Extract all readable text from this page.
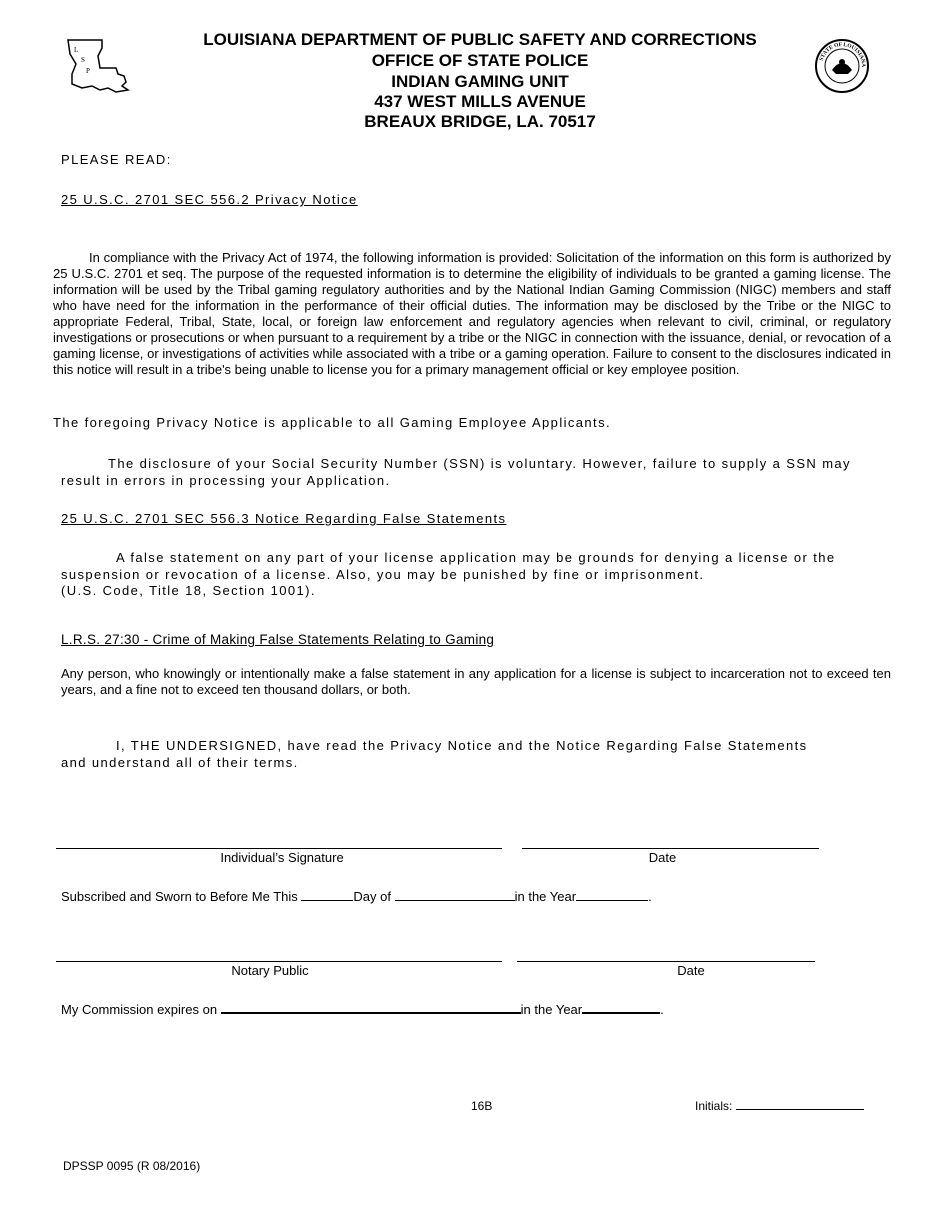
L
S
P
STATE OF LOUISIANA
LOUISIANA DEPARTMENT OF PUBLIC SAFETY AND CORRECTIONS
OFFICE OF STATE POLICE
INDIAN GAMING UNIT
437 WEST MILLS AVENUE
BREAUX BRIDGE, LA. 70517
PLEASE READ:
25 U.S.C. 2701 SEC 556.2 Privacy Notice
In compliance with the Privacy Act of 1974, the following information is provided: Solicitation of the information on this form is authorized by 25 U.S.C. 2701 et seq. The purpose of the requested information is to determine the eligibility of individuals to be granted a gaming license. The information will be used by the Tribal gaming regulatory authorities and by the National Indian Gaming Commission (NIGC) members and staff who have need for the information in the performance of their official duties. The information may be disclosed by the Tribe or the NIGC to appropriate Federal, Tribal, State, local, or foreign law enforcement and regulatory agencies when relevant to civil, criminal, or regulatory investigations or prosecutions or when pursuant to a requirement by a tribe or the NIGC in connection with the issuance, denial, or revocation of a gaming license, or investigations of activities while associated with a tribe or a gaming operation. Failure to consent to the disclosures indicated in this notice will result in a tribe's being unable to license you for a primary management official or key employee position.
The foregoing Privacy Notice is applicable to all Gaming Employee Applicants.
The disclosure of your Social Security Number (SSN) is voluntary. However, failure to supply a SSN may result in errors in processing your Application.
25 U.S.C. 2701 SEC 556.3 Notice Regarding False Statements
A false statement on any part of your license application may be grounds for denying a license or the suspension or revocation of a license. Also, you may be punished by fine or imprisonment.
(U.S. Code, Title 18, Section 1001).
L.R.S. 27:30 - Crime of Making False Statements Relating to Gaming
Any person, who knowingly or intentionally make a false statement in any application for a license is subject to incarceration not to exceed ten years, and a fine not to exceed ten thousand dollars, or both.
I, THE UNDERSIGNED, have read the Privacy Notice and the Notice Regarding False Statements and understand all of their terms.
Individual’s Signature	Date
Subscribed and Sworn to Before Me This	Day of	in the Year	.
Notary Public	Date
My Commission expires on	in the Year	.
16B	Initials:
DPSSP 0095 (R 08/2016)
